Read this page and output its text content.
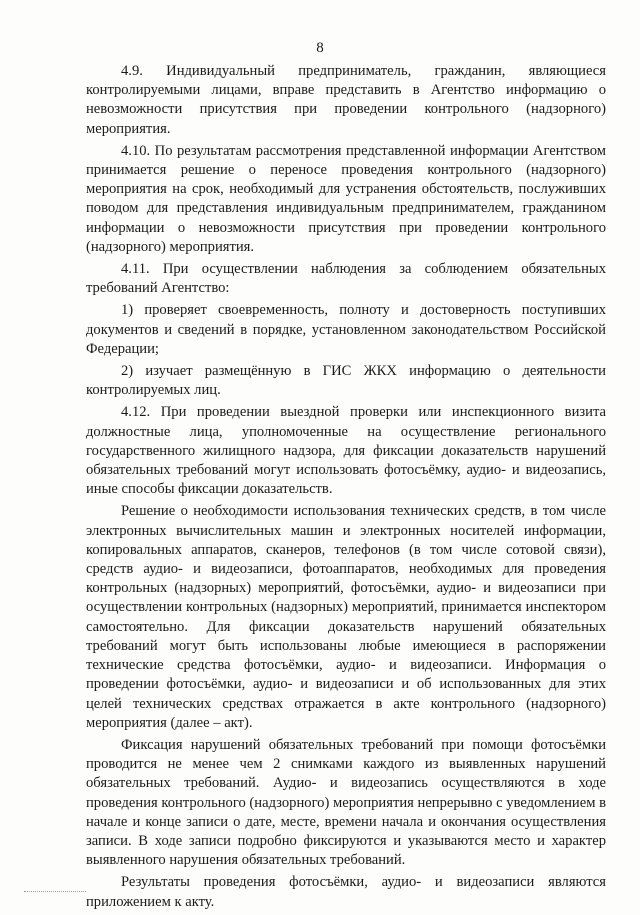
8

4.9. Индивидуальный предприниматель, гражданин, являющиеся контролируемыми лицами, вправе представить в Агентство информацию о невозможности присутствия при проведении контрольного (надзорного) мероприятия.

4.10. По результатам рассмотрения представленной информации Агентством принимается решение о переносе проведения контрольного (надзорного) мероприятия на срок, необходимый для устранения обстоятельств, послуживших поводом для представления индивидуальным предпринимателем, гражданином информации о невозможности присутствия при проведении контрольного (надзорного) мероприятия.

4.11. При осуществлении наблюдения за соблюдением обязательных требований Агентство:

1) проверяет своевременность, полноту и достоверность поступивших документов и сведений в порядке, установленном законодательством Российской Федерации;

2) изучает размещённую в ГИС ЖКХ информацию о деятельности контролируемых лиц.

4.12. При проведении выездной проверки или инспекционного визита должностные лица, уполномоченные на осуществление регионального государственного жилищного надзора, для фиксации доказательств нарушений обязательных требований могут использовать фотосъёмку, аудио- и видеозапись, иные способы фиксации доказательств.

Решение о необходимости использования технических средств, в том числе электронных вычислительных машин и электронных носителей информации, копировальных аппаратов, сканеров, телефонов (в том числе сотовой связи), средств аудио- и видеозаписи, фотоаппаратов, необходимых для проведения контрольных (надзорных) мероприятий, фотосъёмки, аудио- и видеозаписи при осуществлении контрольных (надзорных) мероприятий, принимается инспектором самостоятельно. Для фиксации доказательств нарушений обязательных требований могут быть использованы любые имеющиеся в распоряжении технические средства фотосъёмки, аудио- и видеозаписи. Информация о проведении фотосъёмки, аудио- и видеозаписи и об использованных для этих целей технических средствах отражается в акте контрольного (надзорного) мероприятия (далее – акт).

Фиксация нарушений обязательных требований при помощи фотосъёмки проводится не менее чем 2 снимками каждого из выявленных нарушений обязательных требований. Аудио- и видеозапись осуществляются в ходе проведения контрольного (надзорного) мероприятия непрерывно с уведомлением в начале и конце записи о дате, месте, времени начала и окончания осуществления записи. В ходе записи подробно фиксируются и указываются место и характер выявленного нарушения обязательных требований.

Результаты проведения фотосъёмки, аудио- и видеозаписи являются приложением к акту.
